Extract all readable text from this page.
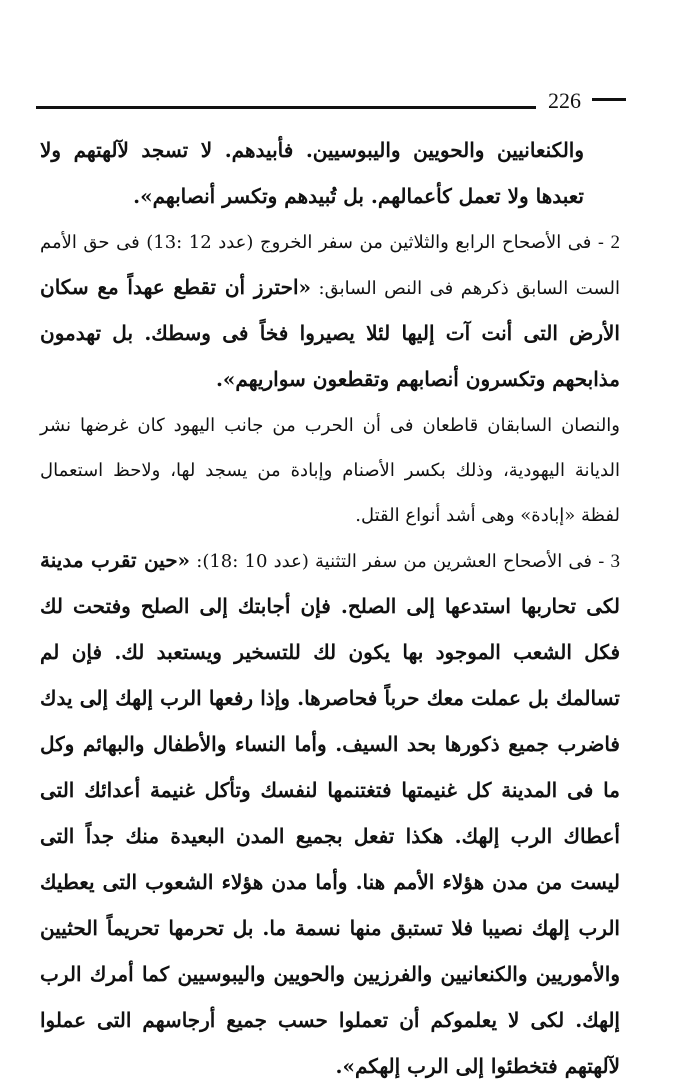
226

والكنعانيين والحويين واليبوسيين. فأبيدهم. لا تسجد لآلهتهم ولا تعبدها ولا تعمل كأعمالهم. بل تُبيدهم وتكسر أنصابهم».

2 - فى الأصحاح الرابع والثلاثين من سفر الخروج (عدد 12 :13) فى حق الأمم الست السابق ذكرهم فى النص السابق: «احترز أن تقطع عهداً مع سكان الأرض التى أنت آت إليها لئلا يصيروا فخاً فى وسطك. بل تهدمون مذابحهم وتكسرون أنصابهم وتقطعون سواريهم».

والنصان السابقان قاطعان فى أن الحرب من جانب اليهود كان غرضها نشر الديانة اليهودية، وذلك بكسر الأصنام وإبادة من يسجد لها، ولاحظ استعمال لفظة «إبادة» وهى أشد أنواع القتل.

3 - فى الأصحاح العشرين من سفر التثنية (عدد 10 :18): «حين تقرب مدينة لكى تحاربها استدعها إلى الصلح. فإن أجابتك إلى الصلح وفتحت لك فكل الشعب الموجود بها يكون لك للتسخير ويستعبد لك. فإن لم تسالمك بل عملت معك حرباً فحاصرها. وإذا رفعها الرب إلهك إلى يدك فاضرب جميع ذكورها بحد السيف. وأما النساء والأطفال والبهائم وكل ما فى المدينة كل غنيمتها فتغتنمها لنفسك وتأكل غنيمة أعدائك التى أعطاك الرب إلهك. هكذا تفعل بجميع المدن البعيدة منك جداً التى ليست من مدن هؤلاء الأمم هنا. وأما مدن هؤلاء الشعوب التى يعطيك الرب إلهك نصيبا فلا تستبق منها نسمة ما. بل تحرمها تحريماً الحثيين والأموريين والكنعانيين والفرزيين والحويين واليبوسيين كما أمرك الرب إلهك. لكى لا يعلموكم أن تعملوا حسب جميع أرجاسهم التى عملوا لآلهتهم فتخطئوا إلى الرب إلهكم».
